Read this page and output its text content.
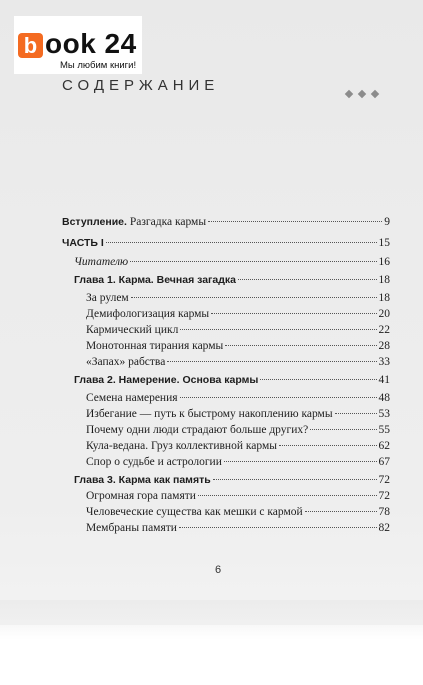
b ook 24
Мы любим книги!
СОДЕРЖАНИЕ
Вступление. Разгадка кармы	9
ЧАСТЬ I	15
Читателю	16
Глава 1. Карма. Вечная загадка	18
За рулем	18
Демифологизация кармы	20
Кармический цикл	22
Монотонная тирания кармы	28
«Запах» рабства	33
Глава 2. Намерение. Основа кармы	41
Семена намерения	48
Избегание — путь к быстрому накоплению кармы	53
Почему одни люди страдают больше других?	55
Кула-ведана. Груз коллективной кармы	62
Спор о судьбе и астрологии	67
Глава 3. Карма как память	72
Огромная гора памяти	72
Человеческие существа как мешки с кармой	78
Мембраны памяти	82
6
